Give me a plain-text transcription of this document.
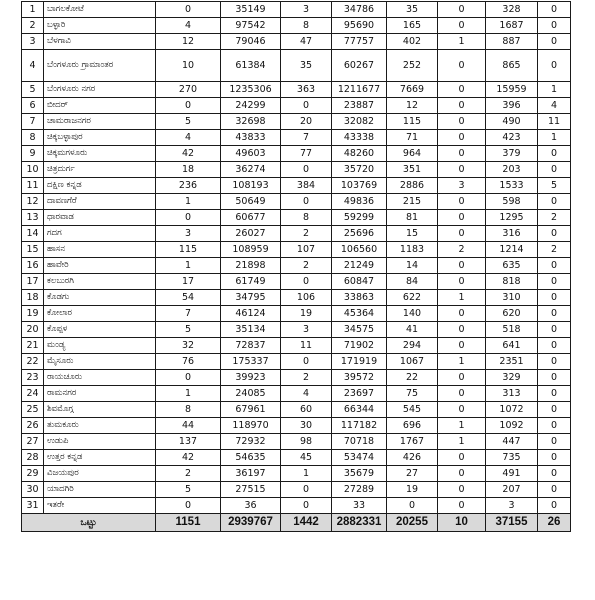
1	ಬಾಗಲಕೋಟೆ	0	35149	3	34786	35	0	328	0
2	ಬಳ್ಳಾರಿ	4	97542	8	95690	165	0	1687	0
3	ಬೆಳಗಾವಿ	12	79046	47	77757	402	1	887	0
4	ಬೆಂಗಳೂರು ಗ್ರಾಮಾಂತರ	10	61384	35	60267	252	0	865	0
5	ಬೆಂಗಳೂರು ನಗರ	270	1235306	363	1211677	7669	0	15959	1
6	ಬೀದರ್	0	24299	0	23887	12	0	396	4
7	ಚಾಮರಾಜನಗರ	5	32698	20	32082	115	0	490	11
8	ಚಿಕ್ಕಬಳ್ಳಾಪುರ	4	43833	7	43338	71	0	423	1
9	ಚಿಕ್ಕಮಗಳೂರು	42	49603	77	48260	964	0	379	0
10	ಚಿತ್ರದುರ್ಗ	18	36274	0	35720	351	0	203	0
11	ದಕ್ಷಿಣ ಕನ್ನಡ	236	108193	384	103769	2886	3	1533	5
12	ದಾವಣಗೆರೆ	1	50649	0	49836	215	0	598	0
13	ಧಾರವಾಡ	0	60677	8	59299	81	0	1295	2
14	ಗದಗ	3	26027	2	25696	15	0	316	0
15	ಹಾಸನ	115	108959	107	106560	1183	2	1214	2
16	ಹಾವೇರಿ	1	21898	2	21249	14	0	635	0
17	ಕಲಬುರಗಿ	17	61749	0	60847	84	0	818	0
18	ಕೊಡಗು	54	34795	106	33863	622	1	310	0
19	ಕೋಲಾರ	7	46124	19	45364	140	0	620	0
20	ಕೊಪ್ಪಳ	5	35134	3	34575	41	0	518	0
21	ಮಂಡ್ಯ	32	72837	11	71902	294	0	641	0
22	ಮೈಸೂರು	76	175337	0	171919	1067	1	2351	0
23	ರಾಯಚೂರು	0	39923	2	39572	22	0	329	0
24	ರಾಮನಗರ	1	24085	4	23697	75	0	313	0
25	ಶಿವಮೊಗ್ಗ	8	67961	60	66344	545	0	1072	0
26	ತುಮಕೂರು	44	118970	30	117182	696	1	1092	0
27	ಉಡುಪಿ	137	72932	98	70718	1767	1	447	0
28	ಉತ್ತರ ಕನ್ನಡ	42	54635	45	53474	426	0	735	0
29	ವಿಜಯಪುರ	2	36197	1	35679	27	0	491	0
30	ಯಾದಗಿರಿ	5	27515	0	27289	19	0	207	0
31	ಇತರೇ	0	36	0	33	0	0	3	0
ಒಟ್ಟು		1151	2939767	1442	2882331	20255	10	37155	26
